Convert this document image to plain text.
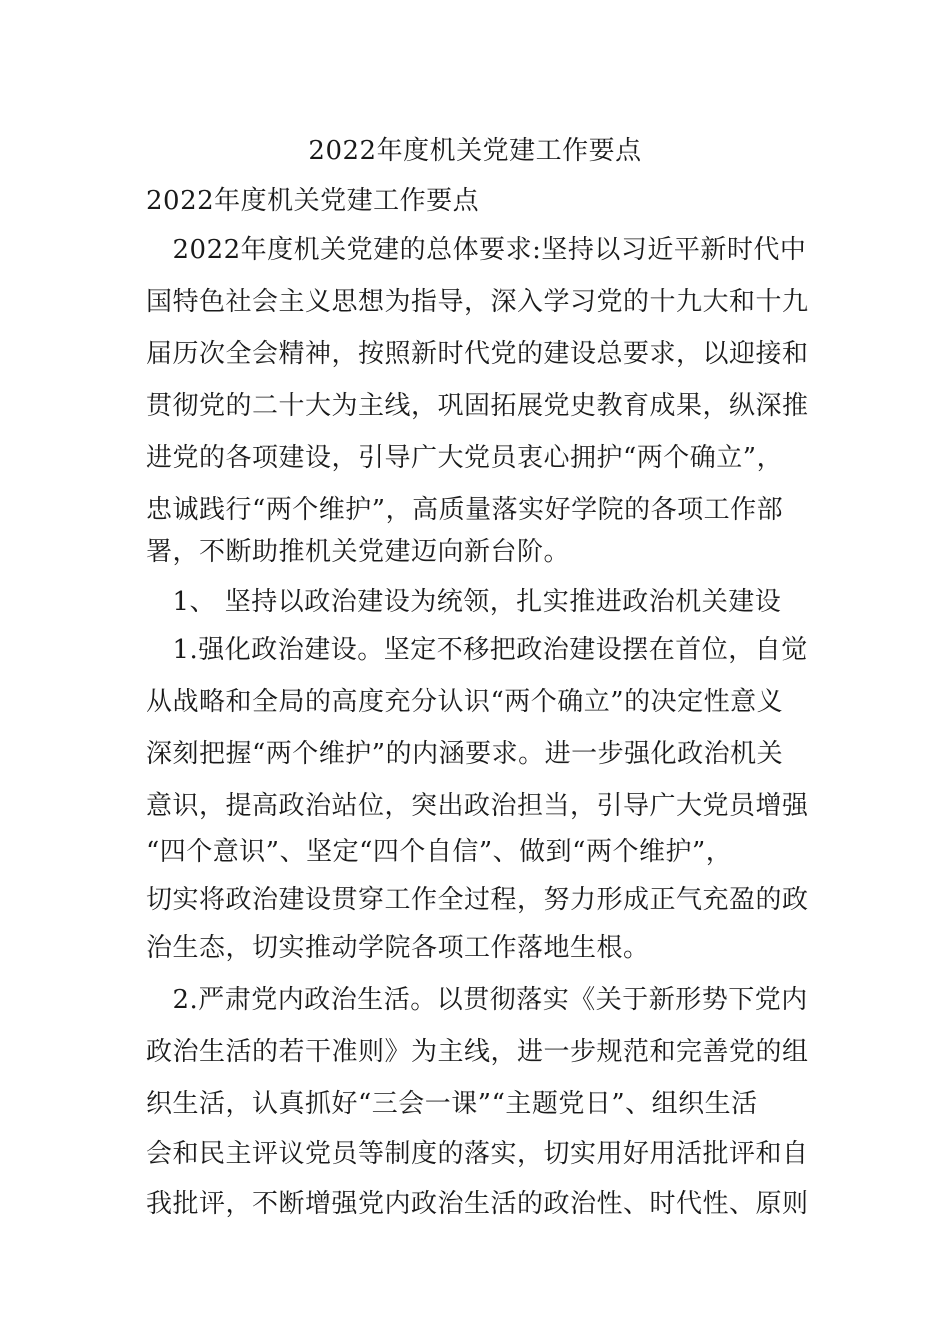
2022年度机关党建工作要点
2022年度机关党建工作要点
　2022年度机关党建的总体要求:坚持以习近平新时代中
国特色社会主义思想为指导，深入学习党的十九大和十九
届历次全会精神，按照新时代党的建设总要求，以迎接和
贯彻党的二十大为主线，巩固拓展党史教育成果，纵深推
进党的各项建设，引导广大党员衷心拥护“两个确立”，
忠诚践行“两个维护”，高质量落实好学院的各项工作部
署，不断助推机关党建迈向新台阶。
　1、 坚持以政治建设为统领，扎实推进政治机关建设
　1.强化政治建设。坚定不移把政治建设摆在首位，自觉
从战略和全局的高度充分认识“两个确立”的决定性意义
深刻把握“两个维护”的内涵要求。进一步强化政治机关
意识，提高政治站位，突出政治担当，引导广大党员增强
“四个意识”、坚定“四个自信”、做到“两个维护”，
切实将政治建设贯穿工作全过程，努力形成正气充盈的政
治生态，切实推动学院各项工作落地生根。
　2.严肃党内政治生活。以贯彻落实《关于新形势下党内
政治生活的若干准则》为主线，进一步规范和完善党的组
织生活，认真抓好“三会一课”“主题党日”、组织生活
会和民主评议党员等制度的落实，切实用好用活批评和自
我批评，不断增强党内政治生活的政治性、时代性、原则
